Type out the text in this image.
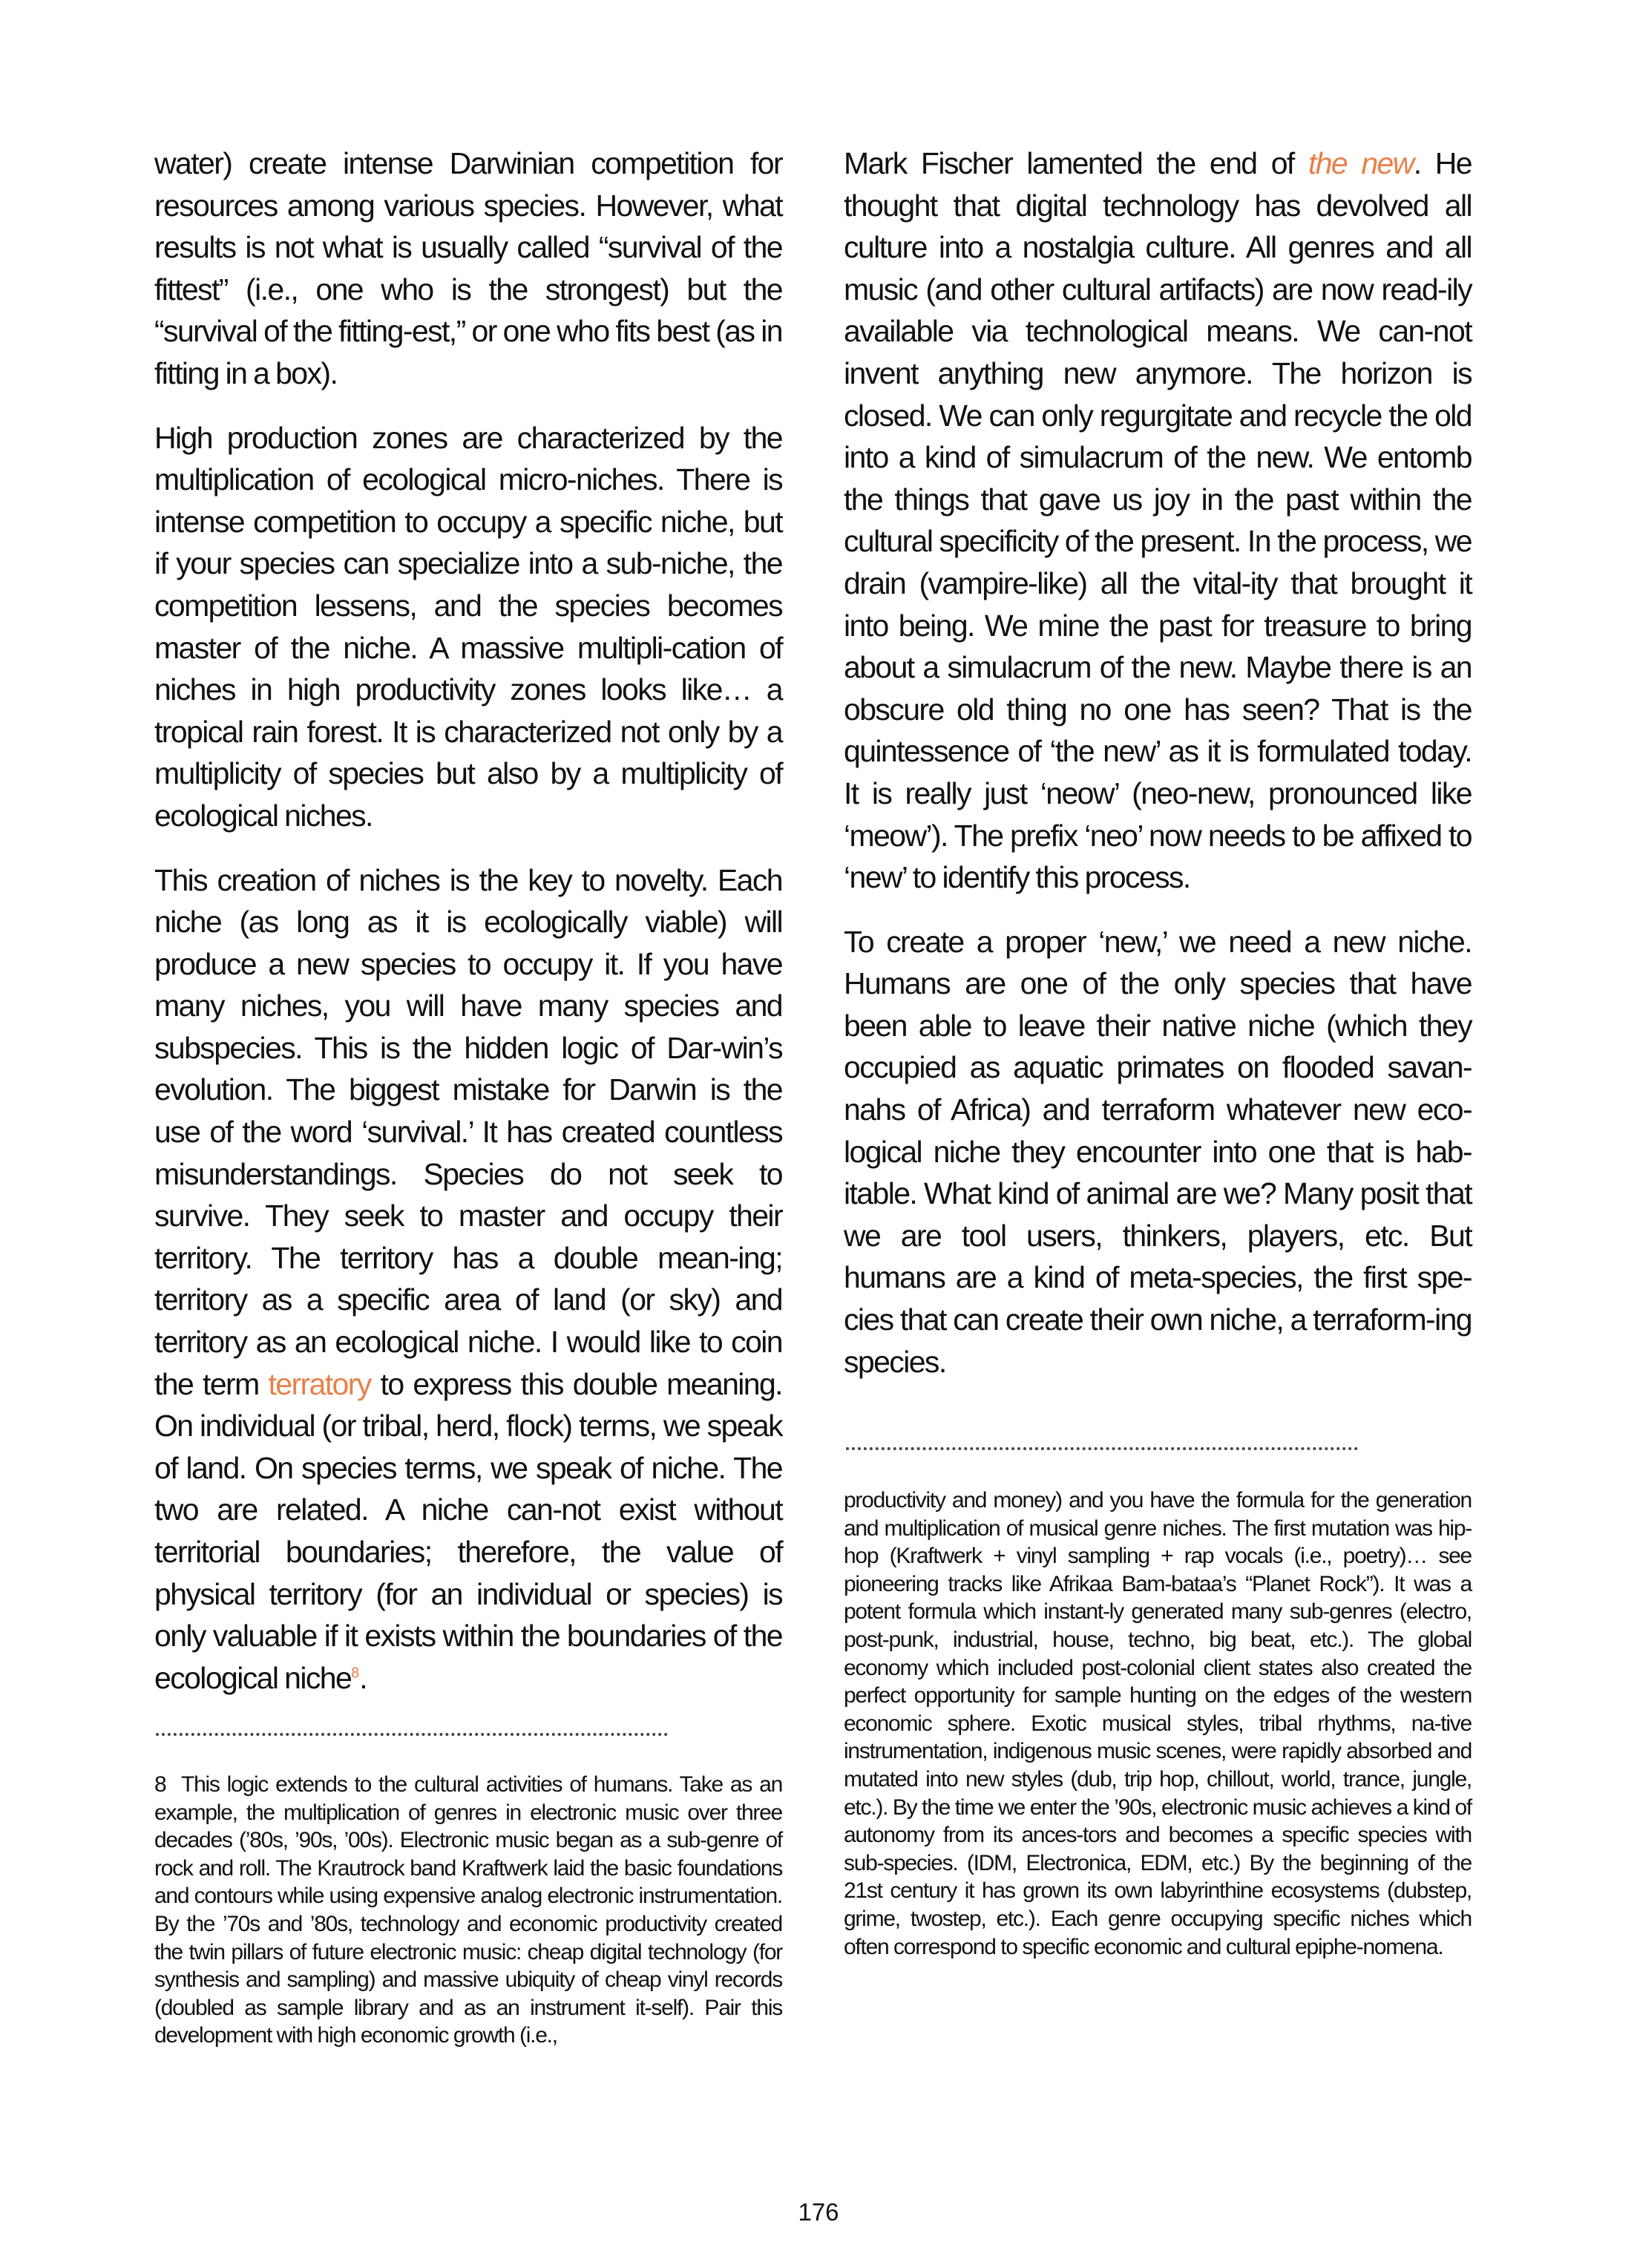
water) create intense Darwinian competition for resources among various species. However, what results is not what is usually called “survival of the fittest” (i.e., one who is the strongest) but the “survival of the fitting-est,” or one who fits best (as in fitting in a box).

High production zones are characterized by the multiplication of ecological micro-niches. There is intense competition to occupy a specific niche, but if your species can specialize into a sub-niche, the competition lessens, and the species becomes master of the niche. A massive multipli-cation of niches in high productivity zones looks like… a tropical rain forest. It is characterized not only by a multiplicity of species but also by a multiplicity of ecological niches.

This creation of niches is the key to novelty. Each niche (as long as it is ecologically viable) will produce a new species to occupy it. If you have many niches, you will have many species and subspecies. This is the hidden logic of Dar-win’s evolution. The biggest mistake for Darwin is the use of the word ‘survival.’ It has created countless misunderstandings. Species do not seek to survive. They seek to master and occupy their territory. The territory has a double mean-ing; territory as a specific area of land (or sky) and territory as an ecological niche. I would like to coin the term terratory to express this double meaning. On individual (or tribal, herd, flock) terms, we speak of land. On species terms, we speak of niche. The two are related. A niche can-not exist without territorial boundaries; therefore, the value of physical territory (for an individual or species) is only valuable if it exists within the boundaries of the ecological niche$^8$.

8 This logic extends to the cultural activities of humans. Take as an example, the multiplication of genres in electronic music over three decades (’80s, ’90s, ’00s). Electronic music began as a sub-genre of rock and roll. The Krautrock band Kraftwerk laid the basic foundations and contours while using expensive analog electronic instrumentation. By the ’70s and ’80s, technology and economic productivity created the twin pillars of future electronic music: cheap digital technology (for synthesis and sampling) and massive ubiquity of cheap vinyl records (doubled as sample library and as an instrument it-self). Pair this development with high economic growth (i.e.,

Mark Fischer lamented the end of the new. He thought that digital technology has devolved all culture into a nostalgia culture. All genres and all music (and other cultural artifacts) are now read-ily available via technological means. We can-not invent anything new anymore. The horizon is closed. We can only regurgitate and recycle the old into a kind of simulacrum of the new. We entomb the things that gave us joy in the past within the cultural specificity of the present. In the process, we drain (vampire-like) all the vital-ity that brought it into being. We mine the past for treasure to bring about a simulacrum of the new. Maybe there is an obscure old thing no one has seen? That is the quintessence of ‘the new’ as it is formulated today. It is really just ‘neow’ (neo-new, pronounced like ‘meow’). The prefix ‘neo’ now needs to be affixed to ‘new’ to identify this process.

To create a proper ‘new,’ we need a new niche. Humans are one of the only species that have been able to leave their native niche (which they occupied as aquatic primates on flooded savan-nahs of Africa) and terraform whatever new eco-logical niche they encounter into one that is hab-itable. What kind of animal are we? Many posit that we are tool users, thinkers, players, etc. But humans are a kind of meta-species, the first spe-cies that can create their own niche, a terraform-ing species.

productivity and money) and you have the formula for the generation and multiplication of musical genre niches. The first mutation was hip-hop (Kraftwerk + vinyl sampling + rap vocals (i.e., poetry)… see pioneering tracks like Afrikaa Bam-bataa’s “Planet Rock”). It was a potent formula which instant-ly generated many sub-genres (electro, post-punk, industrial, house, techno, big beat, etc.). The global economy which included post-colonial client states also created the perfect opportunity for sample hunting on the edges of the western economic sphere. Exotic musical styles, tribal rhythms, na-tive instrumentation, indigenous music scenes, were rapidly absorbed and mutated into new styles (dub, trip hop, chillout, world, trance, jungle, etc.). By the time we enter the ’90s, electronic music achieves a kind of autonomy from its ances-tors and becomes a specific species with sub-species. (IDM, Electronica, EDM, etc.) By the beginning of the 21st century it has grown its own labyrinthine ecosystems (dubstep, grime, twostep, etc.). Each genre occupying specific niches which often correspond to specific economic and cultural epiphe-nomena.

176
